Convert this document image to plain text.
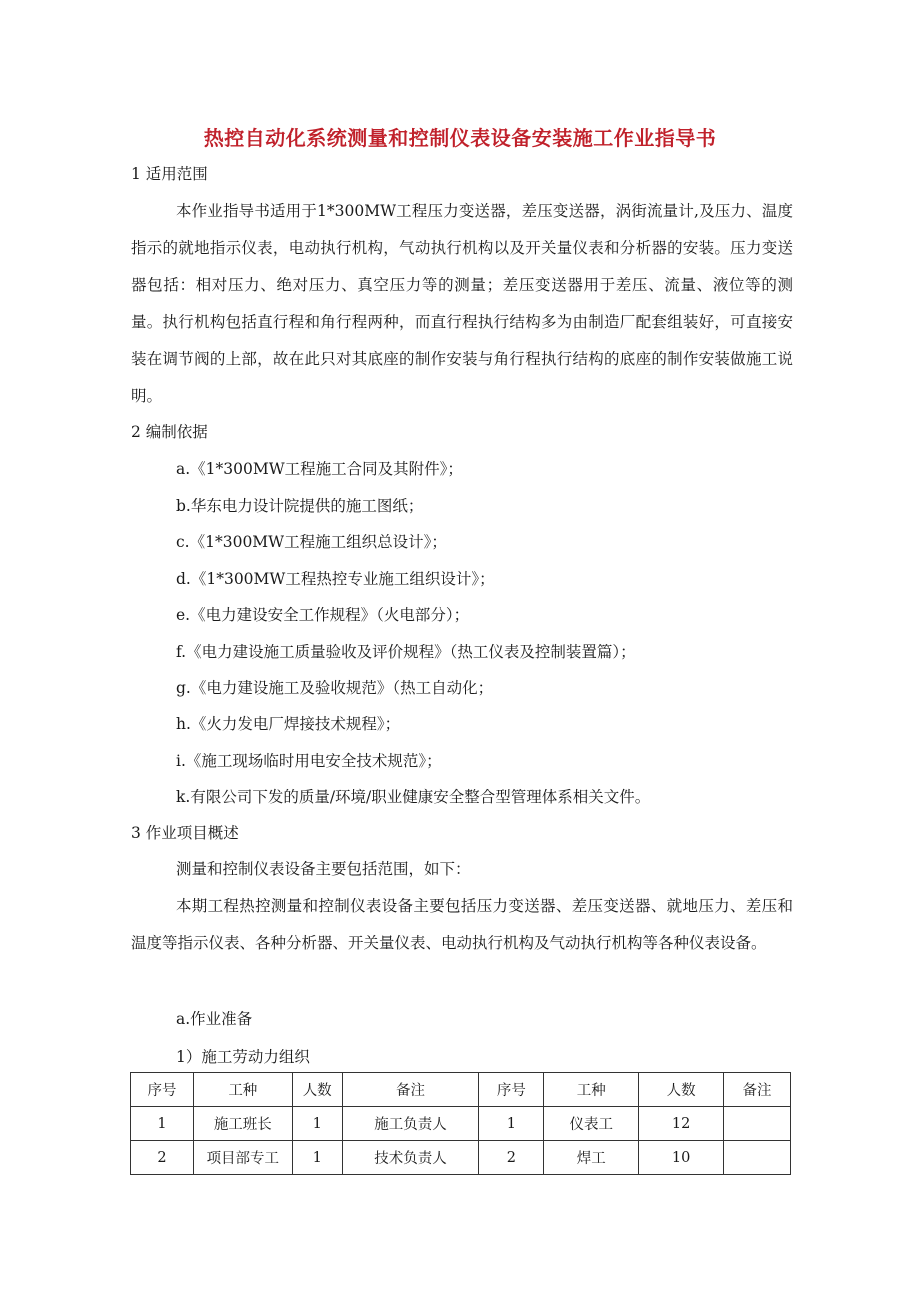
热控自动化系统测量和控制仪表设备安装施工作业指导书
1 适用范围
本作业指导书适用于1*300MW工程压力变送器，差压变送器，涡街流量计,及压力、温度指示的就地指示仪表，电动执行机构，气动执行机构以及开关量仪表和分析器的安装。压力变送器包括：相对压力、绝对压力、真空压力等的测量；差压变送器用于差压、流量、液位等的测量。执行机构包括直行程和角行程两种，而直行程执行结构多为由制造厂配套组装好，可直接安装在调节阀的上部，故在此只对其底座的制作安装与角行程执行结构的底座的制作安装做施工说明。
2 编制依据
a.《1*300MW工程施工合同及其附件》；
b.华东电力设计院提供的施工图纸；
c.《1*300MW工程施工组织总设计》；
d.《1*300MW工程热控专业施工组织设计》；
e.《电力建设安全工作规程》（火电部分）；
f.《电力建设施工质量验收及评价规程》（热工仪表及控制装置篇）；
g.《电力建设施工及验收规范》（热工自动化；
h.《火力发电厂焊接技术规程》；
i.《施工现场临时用电安全技术规范》；
k.有限公司下发的质量/环境/职业健康安全整合型管理体系相关文件。
3 作业项目概述
测量和控制仪表设备主要包括范围，如下：
本期工程热控测量和控制仪表设备主要包括压力变送器、差压变送器、就地压力、差压和温度等指示仪表、各种分析器、开关量仪表、电动执行机构及气动执行机构等各种仪表设备。
a.作业准备
1）施工劳动力组织
序号	工种	人数	备注	序号	工种	人数	备注
1	施工班长	1	施工负责人	1	仪表工	12	
2	项目部专工	1	技术负责人	2	焊工	10	
